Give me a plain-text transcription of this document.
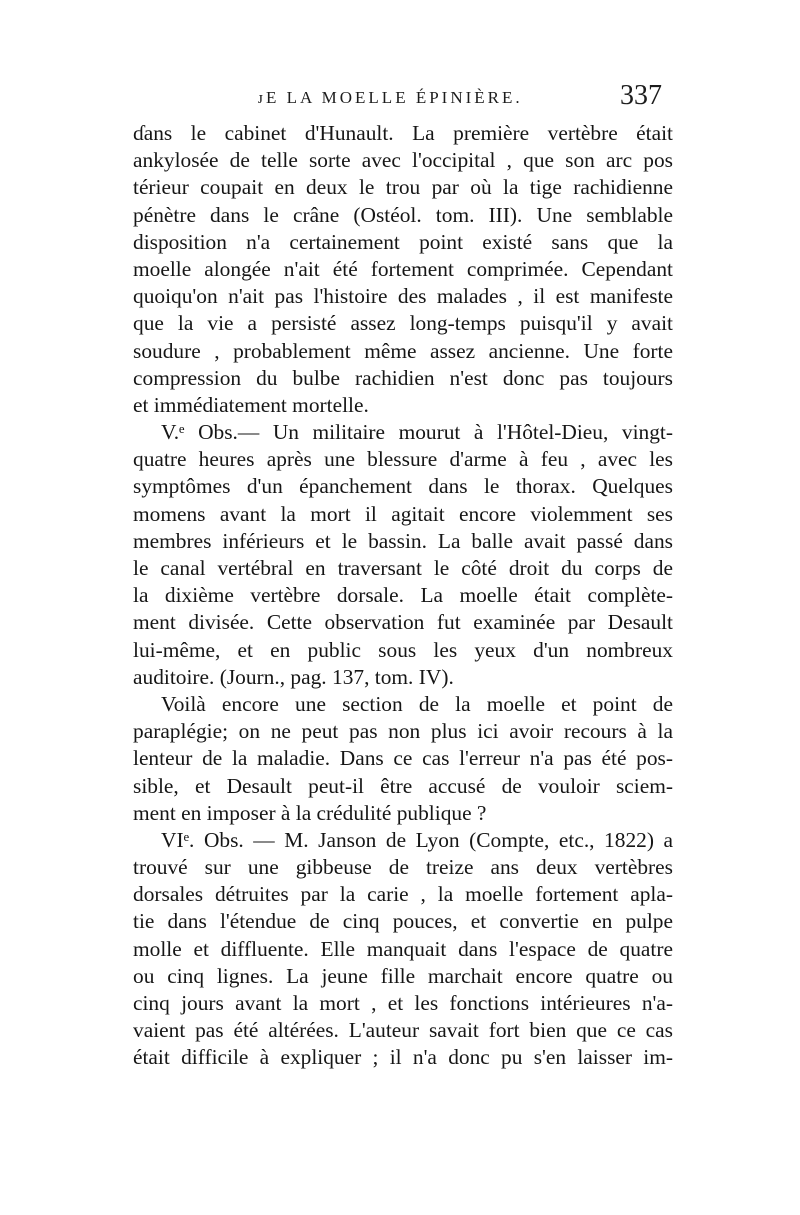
ᴊE LA MOELLE ÉPINIÈRE.	337
ɗans le cabinet d'Hunault. La première vertèbre était
ankylosée de telle sorte avec l'occipital , que son arc pos
térieur coupait en deux le trou par où la tige rachidienne
pénètre dans le crâne (Ostéol. tom. III). Une semblable
disposition n'a certainement point existé sans que la
moelle alongée n'ait été fortement comprimée. Cependant
quoiqu'on n'ait pas l'histoire des malades , il est manifeste
que la vie a persisté assez long-temps puisqu'il y avait
soudure , probablement même assez ancienne. Une forte
compression du bulbe rachidien n'est donc pas toujours
et immédiatement mortelle.
V.ᵉ Obs.— Un militaire mourut à l'Hôtel-Dieu, vingt-
quatre heures après une blessure d'arme à feu , avec les
symptômes d'un épanchement dans le thorax. Quelques
momens avant la mort il agitait encore violemment ses
membres inférieurs et le bassin. La balle avait passé dans
le canal vertébral en traversant le côté droit du corps de
la dixième vertèbre dorsale. La moelle était complète-
ment divisée. Cette observation fut examinée par Desault
lui-même, et en public sous les yeux d'un nombreux
auditoire. (Journ., pag. 137, tom. IV).
Voilà encore une section de la moelle et point de
paraplégie; on ne peut pas non plus ici avoir recours à la
lenteur de la maladie. Dans ce cas l'erreur n'a pas été pos-
sible, et Desault peut-il être accusé de vouloir sciem-
ment en imposer à la crédulité publique ?
VIᵉ. Obs. — M. Janson de Lyon (Compte, etc., 1822) a
trouvé sur une gibbeuse de treize ans deux vertèbres
dorsales détruites par la carie , la moelle fortement apla-
tie dans l'étendue de cinq pouces, et convertie en pulpe
molle et diffluente. Elle manquait dans l'espace de quatre
ou cinq lignes. La jeune fille marchait encore quatre ou
cinq jours avant la mort , et les fonctions intérieures n'a-
vaient pas été altérées. L'auteur savait fort bien que ce cas
était difficile à expliquer ; il n'a donc pu s'en laisser im-
